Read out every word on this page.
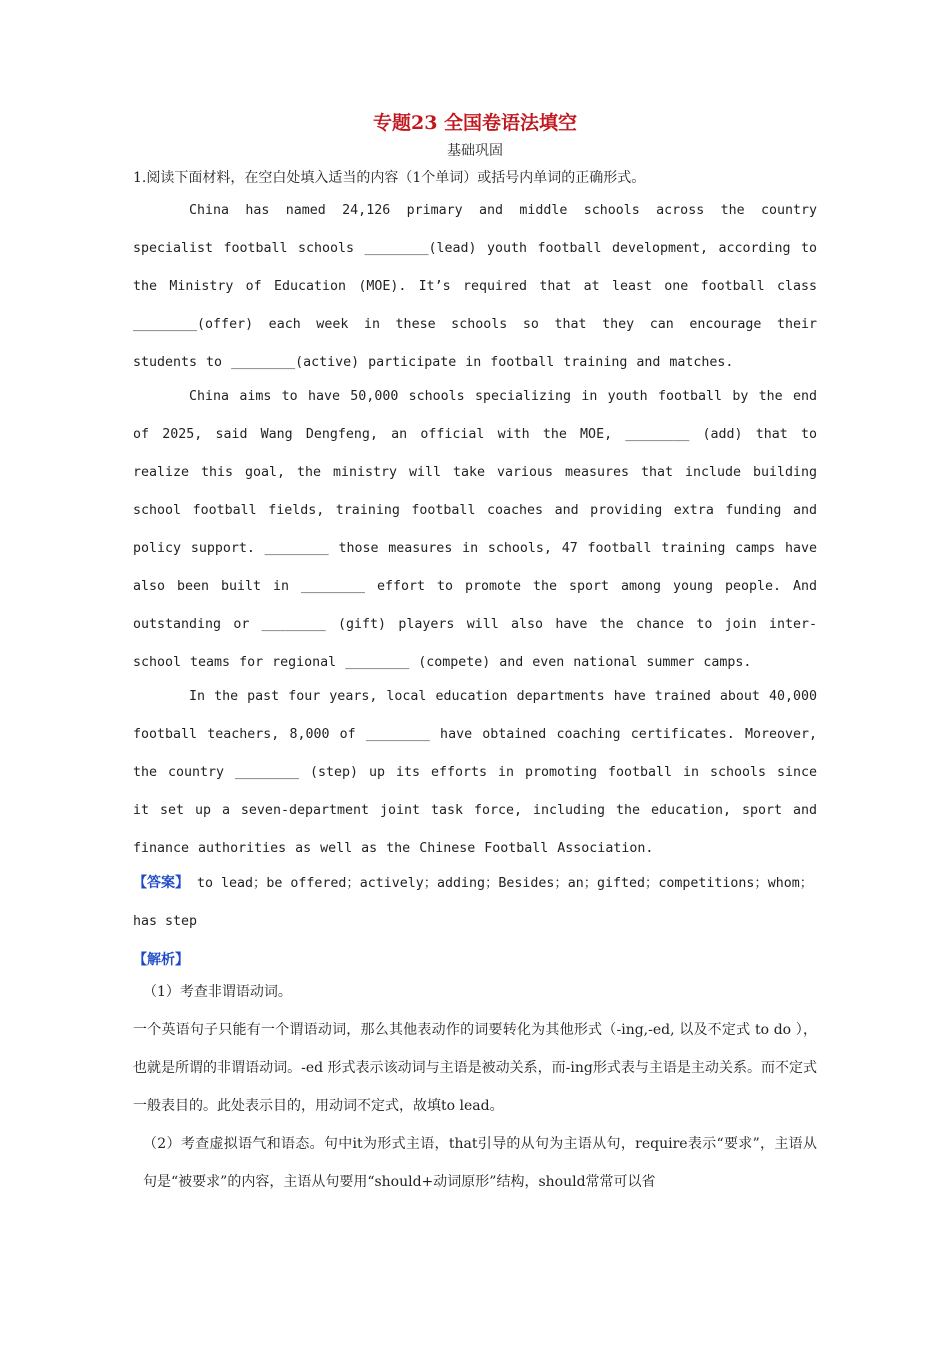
专题23 全国卷语法填空

基础巩固

1.阅读下面材料，在空白处填入适当的内容（1个单词）或括号内单词的正确形式。

China has named 24,126 primary and middle schools across the country specialist football schools ________(lead) youth football development, according to the Ministry of Education (MOE). It’s required that at least one football class ________(offer) each week in these schools so that they can encourage their students to ________(active) participate in football training and matches.

China aims to have 50,000 schools specializing in youth football by the end of 2025, said Wang Dengfeng, an official with the MOE, ________ (add) that to realize this goal, the ministry will take various measures that include building school football fields, training football coaches and providing extra funding and policy support. ________ those measures in schools, 47 football training camps have also been built in ________ effort to promote the sport among young people. And outstanding or ________ (gift) players will also have the chance to join inter-school teams for regional ________ (compete) and even national summer camps.

In the past four years, local education departments have trained about 40,000 football teachers, 8,000 of ________ have obtained coaching certificates. Moreover, the country ________ (step) up its efforts in promoting football in schools since it set up a seven-department joint task force, including the education, sport and finance authorities as well as the Chinese Football Association.

【答案】 to lead；be offered；actively；adding；Besides；an；gifted；competitions；whom；has step

【解析】

（1）考查非谓语动词。

一个英语句子只能有一个谓语动词，那么其他表动作的词要转化为其他形式（-ing,-ed, 以及不定式 to do ），也就是所谓的非谓语动词。-ed 形式表示该动词与主语是被动关系，而-ing形式表与主语是主动关系。而不定式一般表目的。此处表示目的，用动词不定式，故填to lead。

（2）考查虚拟语气和语态。句中it为形式主语，that引导的从句为主语从句，require表示“要求”，主语从句是“被要求”的内容，主语从句要用“should+动词原形”结构，should常常可以省
